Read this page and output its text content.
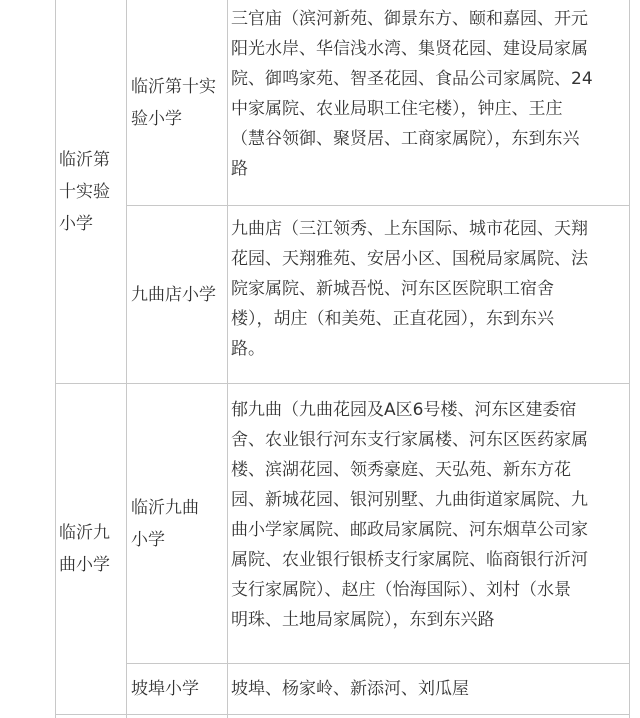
临沂第
十实验
小学
临沂第十实
验小学
三官庙（滨河新苑、御景东方、颐和嘉园、开元
阳光水岸、华信浅水湾、集贤花园、建设局家属
院、御鸣家苑、智圣花园、食品公司家属院、24
中家属院、农业局职工住宅楼），钟庄、王庄
（慧谷领御、聚贤居、工商家属院），东到东兴
路
九曲店小学
九曲店（三江领秀、上东国际、城市花园、天翔
花园、天翔雅苑、安居小区、国税局家属院、法
院家属院、新城吾悦、河东区医院职工宿舍
楼），胡庄（和美苑、正直花园），东到东兴
路。
临沂九
曲小学
临沂九曲
小学
郁九曲（九曲花园及A区6号楼、河东区建委宿
舍、农业银行河东支行家属楼、河东区医药家属
楼、滨湖花园、领秀豪庭、天弘苑、新东方花
园、新城花园、银河别墅、九曲街道家属院、九
曲小学家属院、邮政局家属院、河东烟草公司家
属院、农业银行银桥支行家属院、临商银行沂河
支行家属院）、赵庄（怡海国际）、刘村（水景
明珠、土地局家属院），东到东兴路
坡埠小学	坡埠、杨家岭、新添河、刘瓜屋
